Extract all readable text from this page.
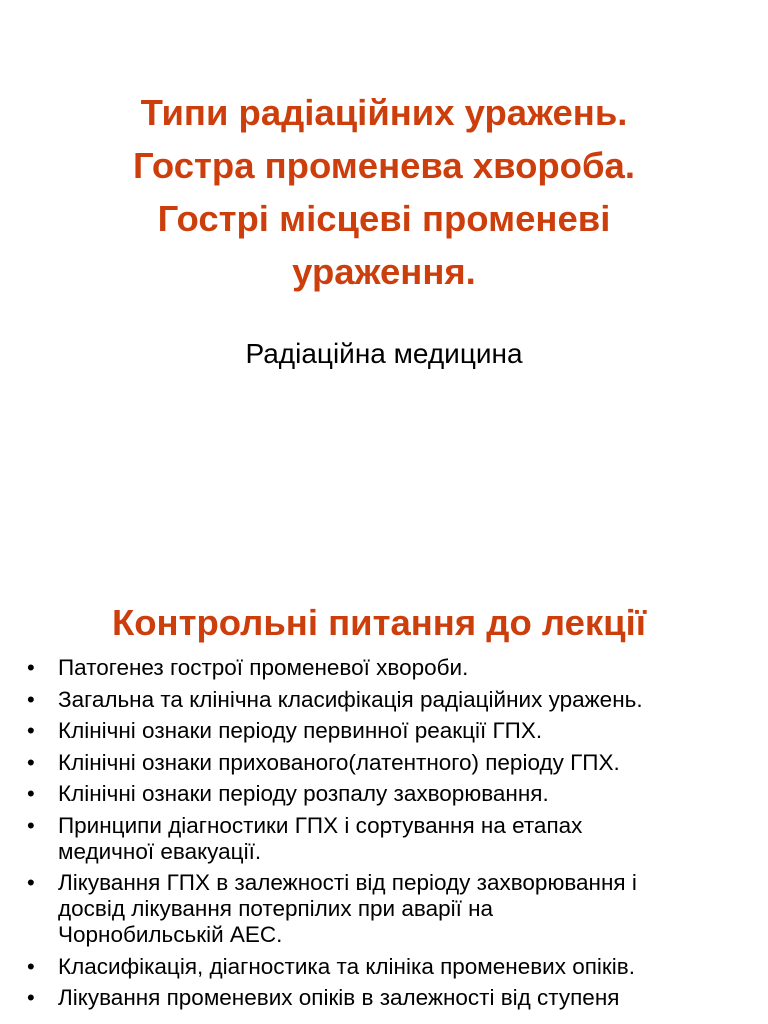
Типи радіаційних уражень.
Гостра променева хвороба.
Гострі місцеві променеві
ураження.
Радіаційна медицина
Контрольні питання до лекції
• Патогенез гострої променевої хвороби.
• Загальна та клінічна класифікація радіаційних уражень.
• Клінічні ознаки періоду первинної реакції ГПХ.
• Клінічні ознаки прихованого(латентного) періоду ГПХ.
• Клінічні ознаки періоду розпалу захворювання.
• Принципи діагностики ГПХ і сортування на етапах
медичної евакуації.
• Лікування ГПХ в залежності від періоду захворювання і
досвід лікування потерпілих при аварії на
Чорнобильській АЕС.
• Класифікація, діагностика та клініка променевих опіків.
• Лікування променевих опіків в залежності від ступеня
